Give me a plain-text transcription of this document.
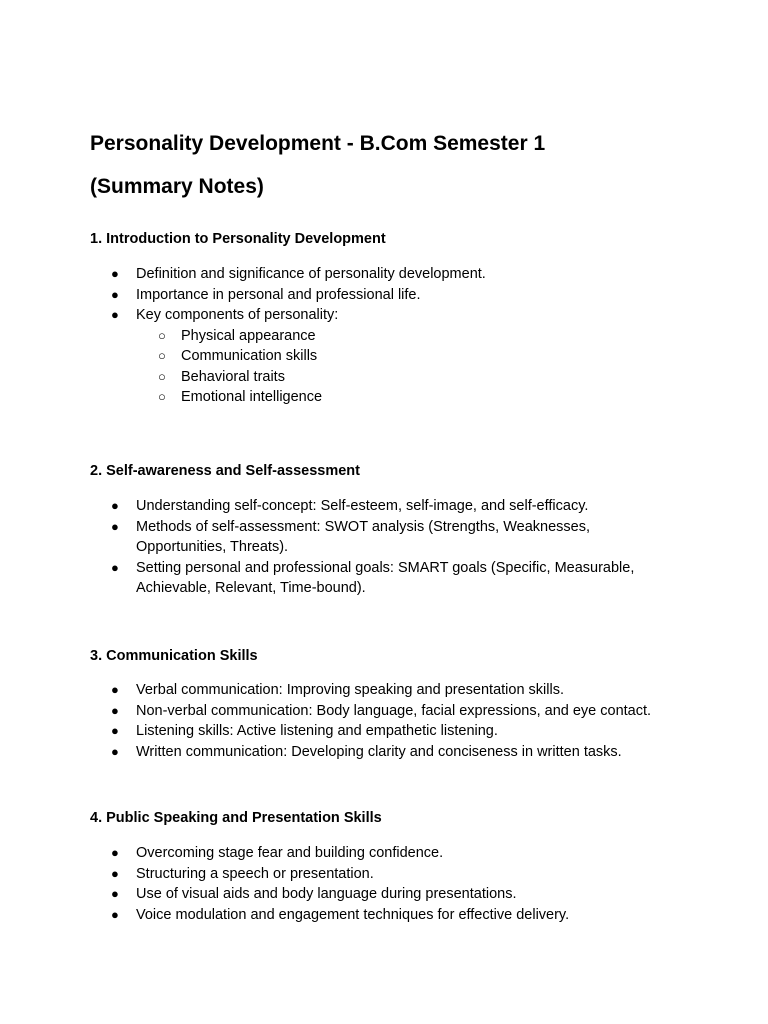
Personality Development - B.Com Semester 1
(Summary Notes)
1. Introduction to Personality Development
● Definition and significance of personality development.
● Importance in personal and professional life.
● Key components of personality:
○ Physical appearance
○ Communication skills
○ Behavioral traits
○ Emotional intelligence
2. Self-awareness and Self-assessment
● Understanding self-concept: Self-esteem, self-image, and self-efficacy.
● Methods of self-assessment: SWOT analysis (Strengths, Weaknesses, Opportunities, Threats).
● Setting personal and professional goals: SMART goals (Specific, Measurable, Achievable, Relevant, Time-bound).
3. Communication Skills
● Verbal communication: Improving speaking and presentation skills.
● Non-verbal communication: Body language, facial expressions, and eye contact.
● Listening skills: Active listening and empathetic listening.
● Written communication: Developing clarity and conciseness in written tasks.
4. Public Speaking and Presentation Skills
● Overcoming stage fear and building confidence.
● Structuring a speech or presentation.
● Use of visual aids and body language during presentations.
● Voice modulation and engagement techniques for effective delivery.
